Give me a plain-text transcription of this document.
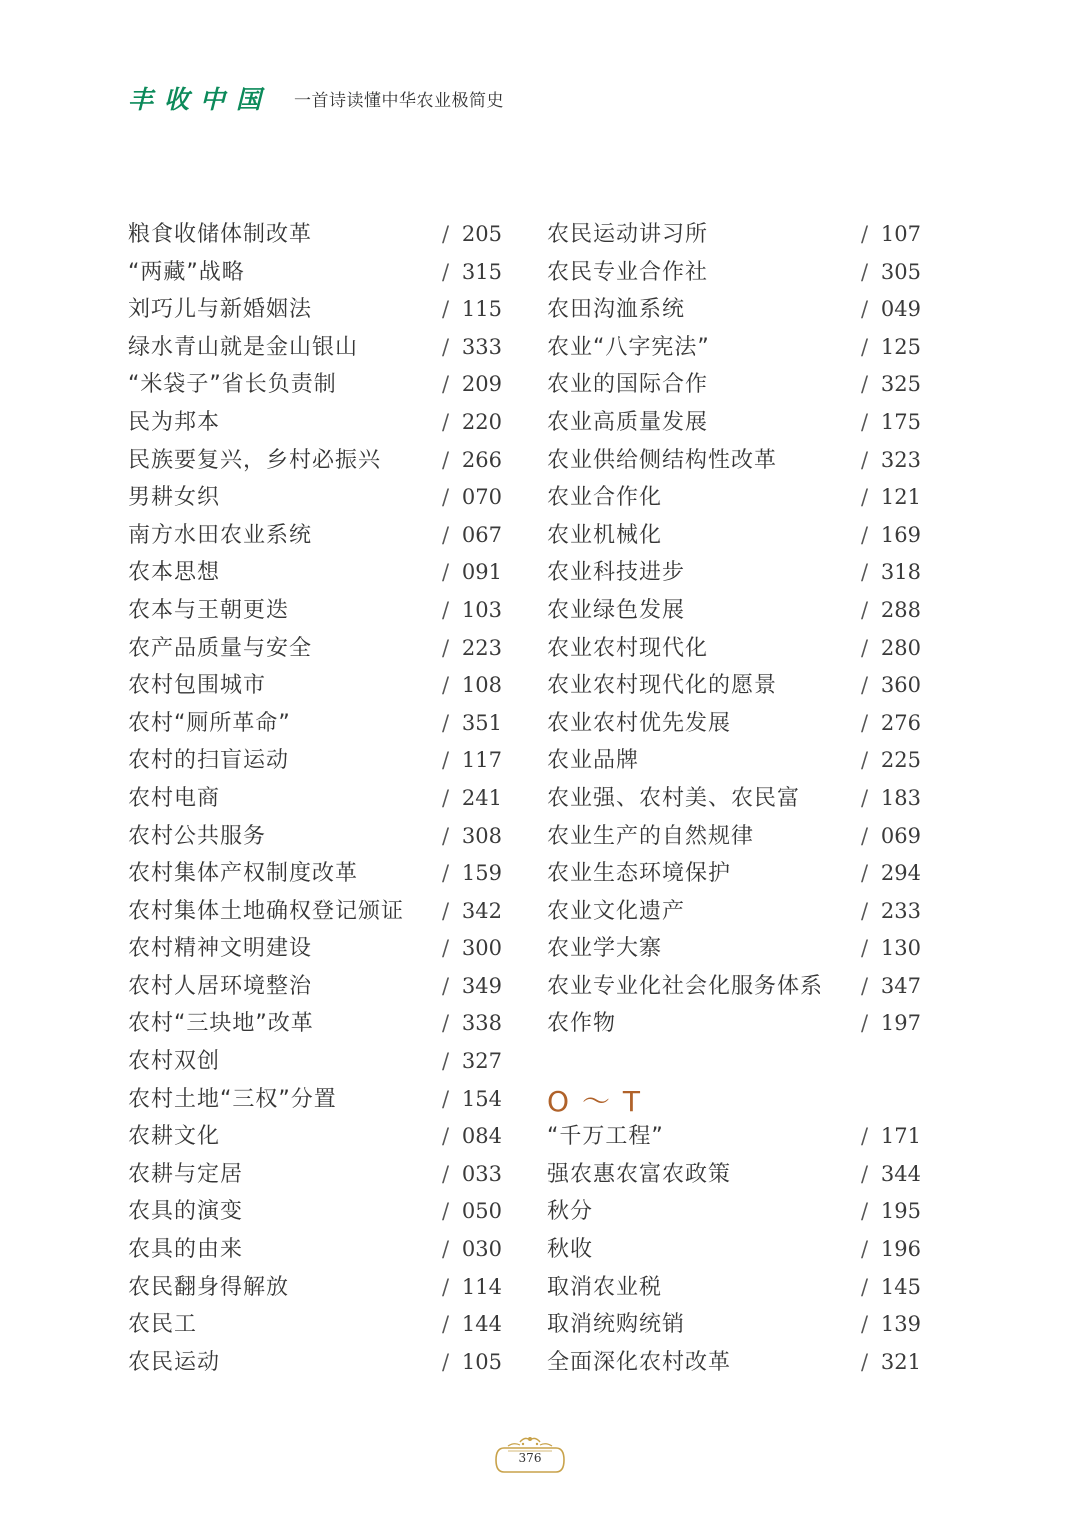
丰收中国 一首诗读懂中华农业极简史
粮食收储体制改革	/ 205
“两藏”战略	/ 315
刘巧儿与新婚姻法	/ 115
绿水青山就是金山银山	/ 333
“米袋子”省长负责制	/ 209
民为邦本	/ 220
民族要复兴，乡村必振兴	/ 266
男耕女织	/ 070
南方水田农业系统	/ 067
农本思想	/ 091
农本与王朝更迭	/ 103
农产品质量与安全	/ 223
农村包围城市	/ 108
农村“厕所革命”	/ 351
农村的扫盲运动	/ 117
农村电商	/ 241
农村公共服务	/ 308
农村集体产权制度改革	/ 159
农村集体土地确权登记颁证 / 342
农村精神文明建设	/ 300
农村人居环境整治	/ 349
农村“三块地”改革	/ 338
农村双创	/ 327
农村土地“三权”分置	/ 154
农耕文化	/ 084
农耕与定居	/ 033
农具的演变	/ 050
农具的由来	/ 030
农民翻身得解放	/ 114
农民工	/ 144
农民运动	/ 105
农民运动讲习所	/ 107
农民专业合作社	/ 305
农田沟洫系统	/ 049
农业“八字宪法”	/ 125
农业的国际合作	/ 325
农业高质量发展	/ 175
农业供给侧结构性改革	/ 323
农业合作化	/ 121
农业机械化	/ 169
农业科技进步	/ 318
农业绿色发展	/ 288
农业农村现代化	/ 280
农业农村现代化的愿景	/ 360
农业农村优先发展	/ 276
农业品牌	/ 225
农业强、农村美、农民富	/ 183
农业生产的自然规律	/ 069
农业生态环境保护	/ 294
农业文化遗产	/ 233
农业学大寨	/ 130
农业专业化社会化服务体系 / 347
农作物	/ 197
O ～ T
“千万工程”	/ 171
强农惠农富农政策	/ 344
秋分	/ 195
秋收	/ 196
取消农业税	/ 145
取消统购统销	/ 139
全面深化农村改革	/ 321
376
